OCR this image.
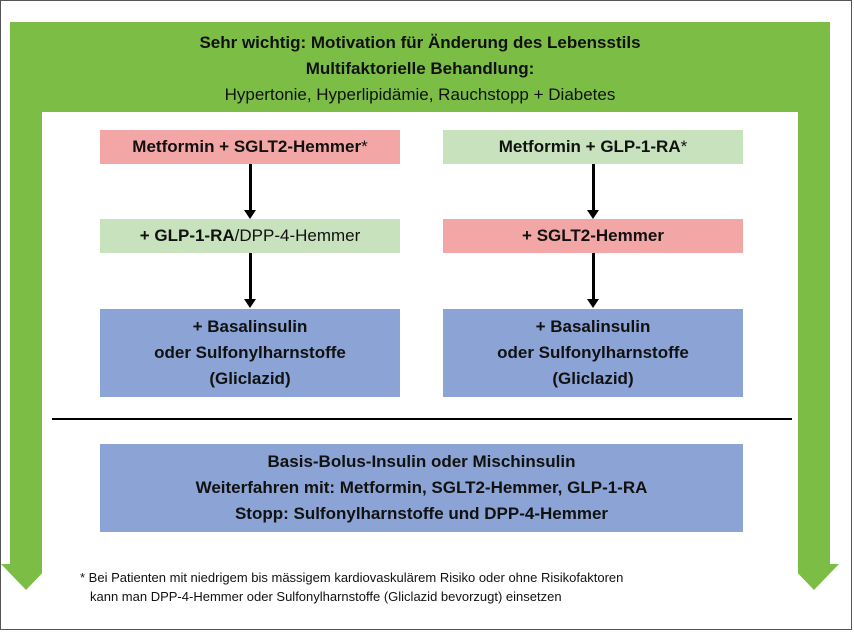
Sehr wichtig: Motivation für Änderung des Lebensstils
Multifaktorielle Behandlung:
Hypertonie, Hyperlipidämie, Rauchstopp + Diabetes
Metformin + SGLT2-Hemmer*
+ GLP-1-RA/DPP-4-Hemmer
+ Basalinsulin
oder Sulfonylharnstoffe
(Gliclazid)
Metformin + GLP-1-RA*
+ SGLT2-Hemmer
+ Basalinsulin
oder Sulfonylharnstoffe
(Gliclazid)
Basis-Bolus-Insulin oder Mischinsulin
Weiterfahren mit: Metformin, SGLT2-Hemmer, GLP-1-RA
Stopp: Sulfonylharnstoffe und DPP-4-Hemmer
* Bei Patienten mit niedrigem bis mässigem kardiovaskulärem Risiko oder ohne Risikofaktoren
kann man DPP-4-Hemmer oder Sulfonylharnstoffe (Gliclazid bevorzugt) einsetzen
